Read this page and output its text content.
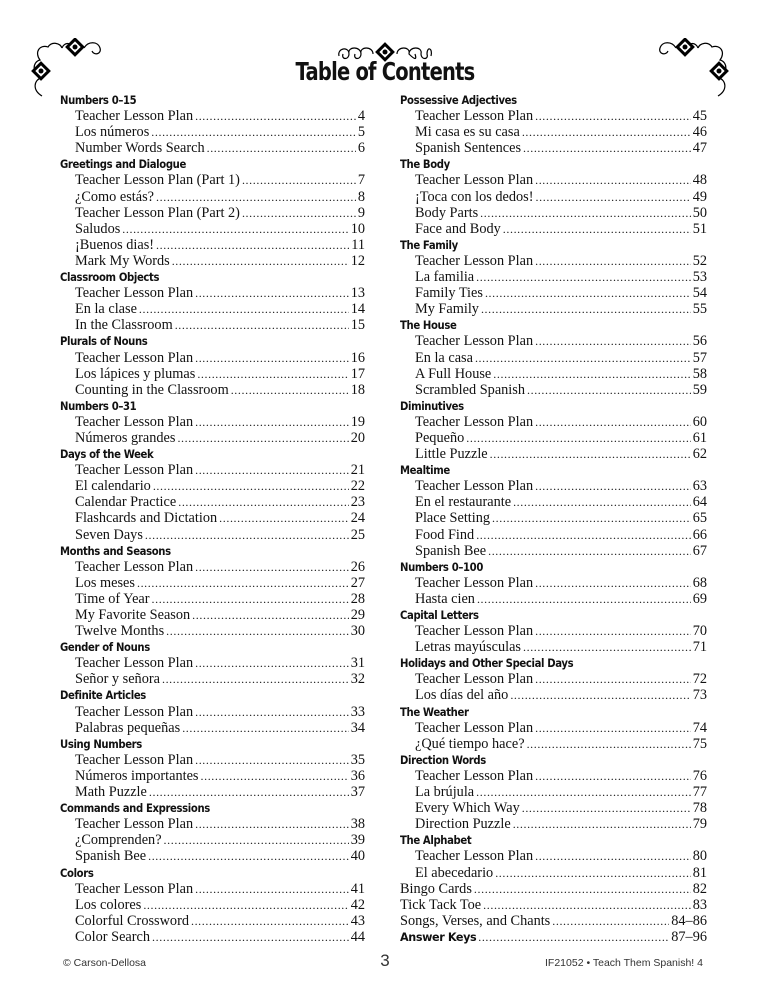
Table of Contents
Numbers 0–15
Teacher Lesson Plan .....	4
Los números .....	5
Number Words Search .....	6
Greetings and Dialogue
Teacher Lesson Plan (Part 1) .....	7
¿Como estás? .....	8
Teacher Lesson Plan (Part 2) .....	9
Saludos .....	10
¡Buenos dias! .....	11
Mark My Words .....	12
Classroom Objects
Teacher Lesson Plan .....	13
En la clase .....	14
In the Classroom .....	15
Plurals of Nouns
Teacher Lesson Plan .....	16
Los lápices y plumas .....	17
Counting in the Classroom .....	18
Numbers 0–31
Teacher Lesson Plan .....	19
Números grandes .....	20
Days of the Week
Teacher Lesson Plan .....	21
El calendario .....	22
Calendar Practice .....	23
Flashcards and Dictation .....	24
Seven Days .....	25
Months and Seasons
Teacher Lesson Plan .....	26
Los meses .....	27
Time of Year .....	28
My Favorite Season .....	29
Twelve Months .....	30
Gender of Nouns
Teacher Lesson Plan .....	31
Señor y señora .....	32
Definite Articles
Teacher Lesson Plan .....	33
Palabras pequeñas .....	34
Using Numbers
Teacher Lesson Plan .....	35
Números importantes .....	36
Math Puzzle .....	37
Commands and Expressions
Teacher Lesson Plan .....	38
¿Comprenden? .....	39
Spanish Bee .....	40
Colors
Teacher Lesson Plan .....	41
Los colores .....	42
Colorful Crossword .....	43
Color Search .....	44
Possessive Adjectives
Teacher Lesson Plan .....	45
Mi casa es su casa .....	46
Spanish Sentences .....	47
The Body
Teacher Lesson Plan .....	48
¡Toca con los dedos! .....	49
Body Parts .....	50
Face and Body .....	51
The Family
Teacher Lesson Plan .....	52
La familia .....	53
Family Ties .....	54
My Family .....	55
The House
Teacher Lesson Plan .....	56
En la casa .....	57
A Full House .....	58
Scrambled Spanish .....	59
Diminutives
Teacher Lesson Plan .....	60
Pequeño .....	61
Little Puzzle .....	62
Mealtime
Teacher Lesson Plan .....	63
En el restaurante .....	64
Place Setting .....	65
Food Find .....	66
Spanish Bee .....	67
Numbers 0–100
Teacher Lesson Plan .....	68
Hasta cien .....	69
Capital Letters
Teacher Lesson Plan .....	70
Letras mayúsculas .....	71
Holidays and Other Special Days
Teacher Lesson Plan .....	72
Los días del año .....	73
The Weather
Teacher Lesson Plan .....	74
¿Qué tiempo hace? .....	75
Direction Words
Teacher Lesson Plan .....	76
La brújula .....	77
Every Which Way .....	78
Direction Puzzle .....	79
The Alphabet
Teacher Lesson Plan .....	80
El abecedario .....	81
Bingo Cards .....	82
Tick Tack Toe .....	83
Songs, Verses, and Chants .....	84–86
Answer Keys .....	87–96
© Carson-Dellosa	3	IF21052 • Teach Them Spanish! 4
